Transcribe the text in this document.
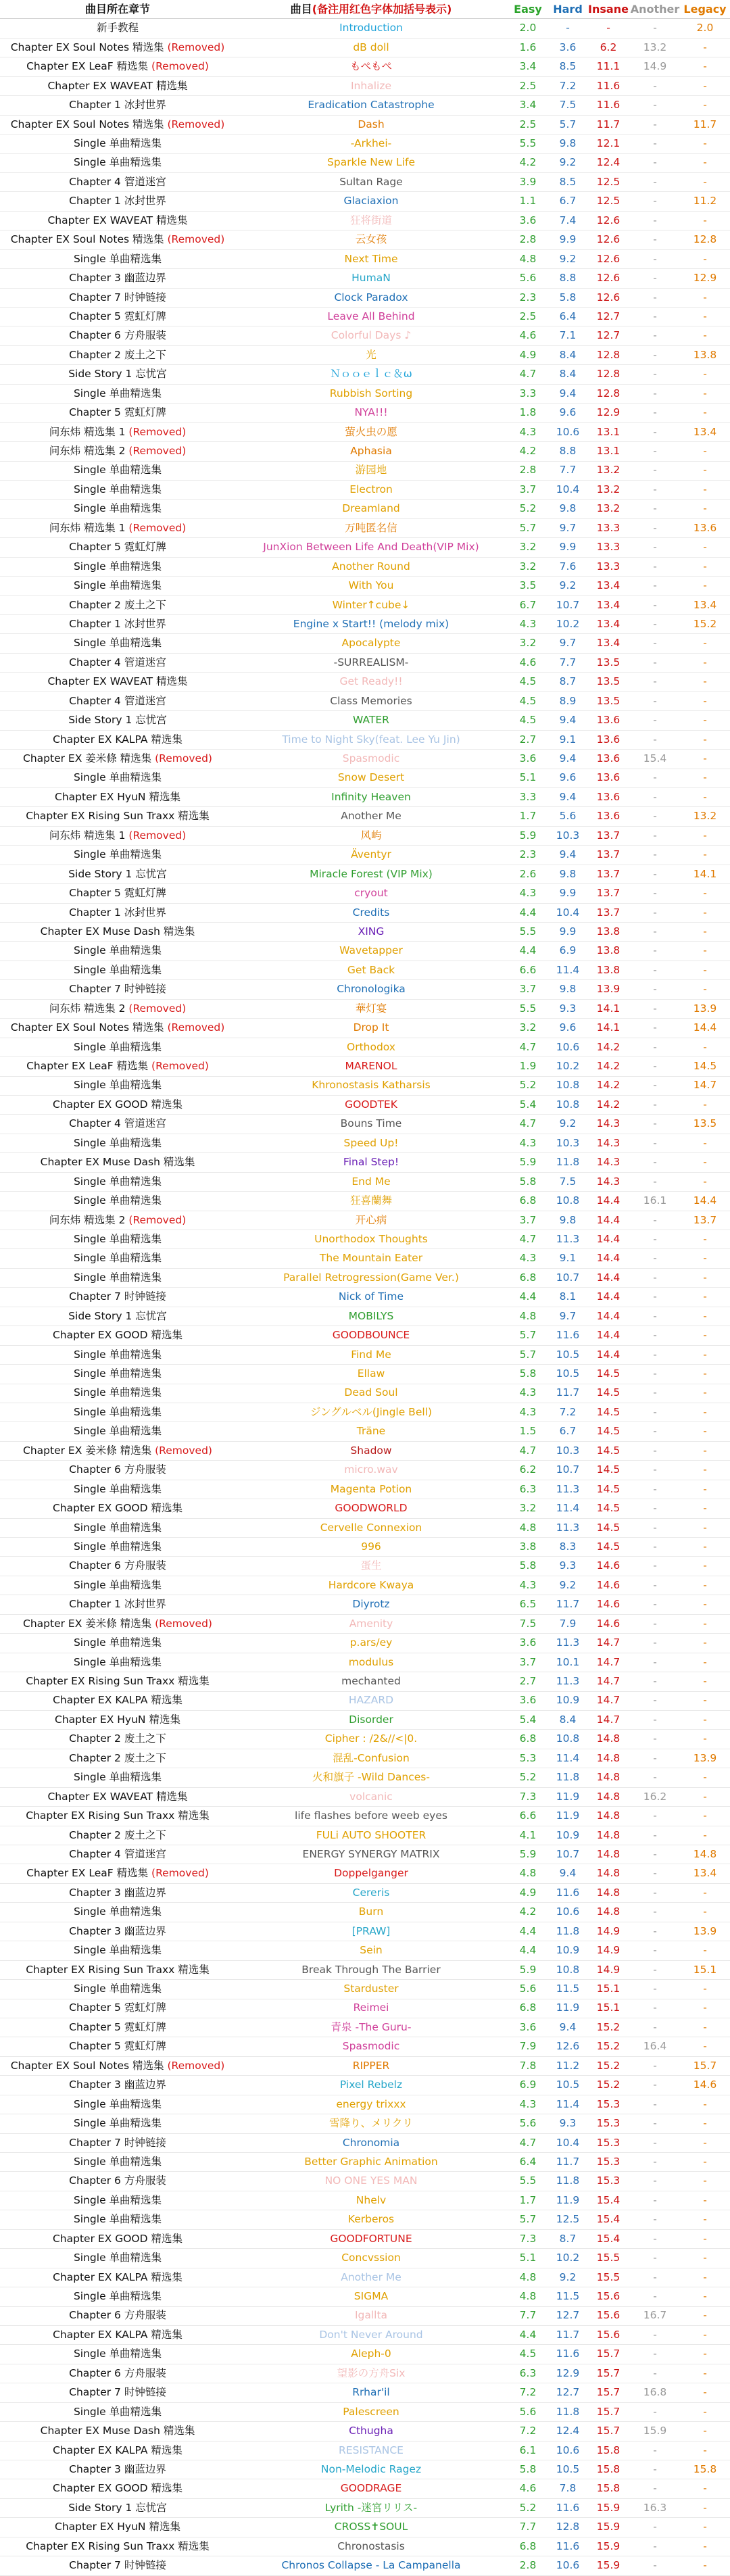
曲目所在章节	曲目(备注用红色字体加括号表示)	Easy	Hard	Insane	Another	Legacy
新手教程	Introduction	2.0	-	-	-	2.0
Chapter EX Soul Notes 精选集 (Removed)	dB doll	1.6	3.6	6.2	13.2	-
Chapter EX LeaF 精选集 (Removed)	もぺもぺ	3.4	8.5	11.1	14.9	-
Chapter EX WAVEAT 精选集	Inhalize	2.5	7.2	11.6	-	-
Chapter 1 冰封世界	Eradication Catastrophe	3.4	7.5	11.6	-	-
Chapter EX Soul Notes 精选集 (Removed)	Dash	2.5	5.7	11.7	-	11.7
Single 单曲精选集	-Arkhei-	5.5	9.8	12.1	-	-
Single 单曲精选集	Sparkle New Life	4.2	9.2	12.4	-	-
Chapter 4 管道迷宫	Sultan Rage	3.9	8.5	12.5	-	-
Chapter 1 冰封世界	Glaciaxion	1.1	6.7	12.5	-	11.2
Chapter EX WAVEAT 精选集	狂将街道	3.6	7.4	12.6	-	-
Chapter EX Soul Notes 精选集 (Removed)	云女孩	2.8	9.9	12.6	-	12.8
Single 单曲精选集	Next Time	4.8	9.2	12.6	-	-
Chapter 3 幽蓝边界	HumaN	5.6	8.8	12.6	-	12.9
Chapter 7 时钟链接	Clock Paradox	2.3	5.8	12.6	-	-
Chapter 5 霓虹灯牌	Leave All Behind	2.5	6.4	12.7	-	-
Chapter 6 方舟服装	Colorful Days ♪	4.6	7.1	12.7	-	-
Chapter 2 废土之下	光	4.9	8.4	12.8	-	13.8
Side Story 1 忘忧宫	Ｎｏｏｅｌｃ＆ω	4.7	8.4	12.8	-	-
Single 单曲精选集	Rubbish Sorting	3.3	9.4	12.8	-	-
Chapter 5 霓虹灯牌	NYA!!!	1.8	9.6	12.9	-	-
问东炜 精选集 1 (Removed)	萤火虫の愿	4.3	10.6	13.1	-	13.4
问东炜 精选集 2 (Removed)	Aphasia	4.2	8.8	13.1	-	-
Single 单曲精选集	游园地	2.8	7.7	13.2	-	-
Single 单曲精选集	Electron	3.7	10.4	13.2	-	-
Single 单曲精选集	Dreamland	5.2	9.8	13.2	-	-
问东炜 精选集 1 (Removed)	万吨匿名信	5.7	9.7	13.3	-	13.6
Chapter 5 霓虹灯牌	JunXion Between Life And Death(VIP Mix)	3.2	9.9	13.3	-	-
Single 单曲精选集	Another Round	3.2	7.6	13.3	-	-
Single 单曲精选集	With You	3.5	9.2	13.4	-	-
Chapter 2 废土之下	Winter↑cube↓	6.7	10.7	13.4	-	13.4
Chapter 1 冰封世界	Engine x Start!! (melody mix)	4.3	10.2	13.4	-	15.2
Single 单曲精选集	Apocalypte	3.2	9.7	13.4	-	-
Chapter 4 管道迷宫	-SURREALISM-	4.6	7.7	13.5	-	-
Chapter EX WAVEAT 精选集	Get Ready!!	4.5	8.7	13.5	-	-
Chapter 4 管道迷宫	Class Memories	4.5	8.9	13.5	-	-
Side Story 1 忘忧宫	WATER	4.5	9.4	13.6	-	-
Chapter EX KALPA 精选集	Time to Night Sky(feat. Lee Yu Jin)	2.7	9.1	13.6	-	-
Chapter EX 姜米條 精选集 (Removed)	Spasmodic	3.6	9.4	13.6	15.4	-
Single 单曲精选集	Snow Desert	5.1	9.6	13.6	-	-
Chapter EX HyuN 精选集	Infinity Heaven	3.3	9.4	13.6	-	-
Chapter EX Rising Sun Traxx 精选集	Another Me	1.7	5.6	13.6	-	13.2
问东炜 精选集 1 (Removed)	风屿	5.9	10.3	13.7	-	-
Single 单曲精选集	Äventyr	2.3	9.4	13.7	-	-
Side Story 1 忘忧宫	Miracle Forest (VIP Mix)	2.6	9.8	13.7	-	14.1
Chapter 5 霓虹灯牌	cryout	4.3	9.9	13.7	-	-
Chapter 1 冰封世界	Credits	4.4	10.4	13.7	-	-
Chapter EX Muse Dash 精选集	XING	5.5	9.9	13.8	-	-
Single 单曲精选集	Wavetapper	4.4	6.9	13.8	-	-
Single 单曲精选集	Get Back	6.6	11.4	13.8	-	-
Chapter 7 时钟链接	Chronologika	3.7	9.8	13.9	-	-
问东炜 精选集 2 (Removed)	華灯宴	5.5	9.3	14.1	-	13.9
Chapter EX Soul Notes 精选集 (Removed)	Drop It	3.2	9.6	14.1	-	14.4
Single 单曲精选集	Orthodox	4.7	10.6	14.2	-	-
Chapter EX LeaF 精选集 (Removed)	MARENOL	1.9	10.2	14.2	-	14.5
Single 单曲精选集	Khronostasis Katharsis	5.2	10.8	14.2	-	14.7
Chapter EX GOOD 精选集	GOODTEK	5.4	10.8	14.2	-	-
Chapter 4 管道迷宫	Bouns Time	4.7	9.2	14.3	-	13.5
Single 单曲精选集	Speed Up!	4.3	10.3	14.3	-	-
Chapter EX Muse Dash 精选集	Final Step!	5.9	11.8	14.3	-	-
Single 单曲精选集	End Me	5.8	7.5	14.3	-	-
Single 单曲精选集	狂喜蘭舞	6.8	10.8	14.4	16.1	14.4
问东炜 精选集 2 (Removed)	开心病	3.7	9.8	14.4	-	13.7
Single 单曲精选集	Unorthodox Thoughts	4.7	11.3	14.4	-	-
Single 单曲精选集	The Mountain Eater	4.3	9.1	14.4	-	-
Single 单曲精选集	Parallel Retrogression(Game Ver.)	6.8	10.7	14.4	-	-
Chapter 7 时钟链接	Nick of Time	4.4	8.1	14.4	-	-
Side Story 1 忘忧宫	MOBILYS	4.8	9.7	14.4	-	-
Chapter EX GOOD 精选集	GOODBOUNCE	5.7	11.6	14.4	-	-
Single 单曲精选集	Find Me	5.7	10.5	14.4	-	-
Single 单曲精选集	Ellaw	5.8	10.5	14.5	-	-
Single 单曲精选集	Dead Soul	4.3	11.7	14.5	-	-
Single 单曲精选集	ジングルベル(Jingle Bell)	4.3	7.2	14.5	-	-
Single 单曲精选集	Träne	1.5	6.7	14.5	-	-
Chapter EX 姜米條 精选集 (Removed)	Shadow	4.7	10.3	14.5	-	-
Chapter 6 方舟服装	micro.wav	6.2	10.7	14.5	-	-
Single 单曲精选集	Magenta Potion	6.3	11.3	14.5	-	-
Chapter EX GOOD 精选集	GOODWORLD	3.2	11.4	14.5	-	-
Single 单曲精选集	Cervelle Connexion	4.8	11.3	14.5	-	-
Single 单曲精选集	996	3.8	8.3	14.5	-	-
Chapter 6 方舟服装	蛋生	5.8	9.3	14.6	-	-
Single 单曲精选集	Hardcore Kwaya	4.3	9.2	14.6	-	-
Chapter 1 冰封世界	Diyrotz	6.5	11.7	14.6	-	-
Chapter EX 姜米條 精选集 (Removed)	Amenity	7.5	7.9	14.6	-	-
Single 单曲精选集	p.ars/ey	3.6	11.3	14.7	-	-
Single 单曲精选集	modulus	3.7	10.1	14.7	-	-
Chapter EX Rising Sun Traxx 精选集	mechanted	2.7	11.3	14.7	-	-
Chapter EX KALPA 精选集	HAZARD	3.6	10.9	14.7	-	-
Chapter EX HyuN 精选集	Disorder	5.4	8.4	14.7	-	-
Chapter 2 废土之下	Cipher : /2&//<|0.	6.8	10.8	14.8	-	-
Chapter 2 废土之下	混乱-Confusion	5.3	11.4	14.8	-	13.9
Single 单曲精选集	火和旗子 -Wild Dances-	5.2	11.8	14.8	-	-
Chapter EX WAVEAT 精选集	volcanic	7.3	11.9	14.8	16.2	-
Chapter EX Rising Sun Traxx 精选集	life flashes before weeb eyes	6.6	11.9	14.8	-	-
Chapter 2 废土之下	FULi AUTO SHOOTER	4.1	10.9	14.8	-	-
Chapter 4 管道迷宫	ENERGY SYNERGY MATRIX	5.9	10.7	14.8	-	14.8
Chapter EX LeaF 精选集 (Removed)	Doppelganger	4.8	9.4	14.8	-	13.4
Chapter 3 幽蓝边界	Cereris	4.9	11.6	14.8	-	-
Single 单曲精选集	Burn	4.2	10.6	14.8	-	-
Chapter 3 幽蓝边界	[PRAW]	4.4	11.8	14.9	-	13.9
Single 单曲精选集	Sein	4.4	10.9	14.9	-	-
Chapter EX Rising Sun Traxx 精选集	Break Through The Barrier	5.9	10.8	14.9	-	15.1
Single 单曲精选集	Starduster	5.6	11.5	15.1	-	-
Chapter 5 霓虹灯牌	Reimei	6.8	11.9	15.1	-	-
Chapter 5 霓虹灯牌	青泉 -The Guru-	3.6	9.4	15.2	-	-
Chapter 5 霓虹灯牌	Spasmodic	7.9	12.6	15.2	16.4	-
Chapter EX Soul Notes 精选集 (Removed)	RIPPER	7.8	11.2	15.2	-	15.7
Chapter 3 幽蓝边界	Pixel Rebelz	6.9	10.5	15.2	-	14.6
Single 单曲精选集	energy trixxx	4.3	11.4	15.3	-	-
Single 单曲精选集	雪降り、メリクリ	5.6	9.3	15.3	-	-
Chapter 7 时钟链接	Chronomia	4.7	10.4	15.3	-	-
Single 单曲精选集	Better Graphic Animation	6.4	11.7	15.3	-	-
Chapter 6 方舟服装	NO ONE YES MAN	5.5	11.8	15.3	-	-
Single 单曲精选集	Nhelv	1.7	11.9	15.4	-	-
Single 单曲精选集	Kerberos	5.7	12.5	15.4	-	-
Chapter EX GOOD 精选集	GOODFORTUNE	7.3	8.7	15.4	-	-
Single 单曲精选集	Concvssion	5.1	10.2	15.5	-	-
Chapter EX KALPA 精选集	Another Me	4.8	9.2	15.5	-	-
Single 单曲精选集	SIGMA	4.8	11.5	15.6	-	-
Chapter 6 方舟服装	Igallta	7.7	12.7	15.6	16.7	-
Chapter EX KALPA 精选集	Don't Never Around	4.4	11.7	15.6	-	-
Single 单曲精选集	Aleph-0	4.5	11.6	15.7	-	-
Chapter 6 方舟服装	望影の方舟Six	6.3	12.9	15.7	-	-
Chapter 7 时钟链接	Rrhar'il	7.2	12.7	15.7	16.8	-
Single 单曲精选集	Palescreen	5.6	11.8	15.7	-	-
Chapter EX Muse Dash 精选集	Cthugha	7.2	12.4	15.7	15.9	-
Chapter EX KALPA 精选集	RESISTANCE	6.1	10.6	15.8	-	-
Chapter 3 幽蓝边界	Non-Melodic Ragez	5.8	10.5	15.8	-	15.8
Chapter EX GOOD 精选集	GOODRAGE	4.6	7.8	15.8	-	-
Side Story 1 忘忧宫	Lyrith -迷宮リリス-	5.2	11.6	15.9	16.3	-
Chapter EX HyuN 精选集	CROSS✝SOUL	7.7	12.8	15.9	-	-
Chapter EX Rising Sun Traxx 精选集	Chronostasis	6.8	11.6	15.9	-	-
Chapter 7 时钟链接	Chronos Collapse - La Campanella	2.8	10.6	15.9	-	-
